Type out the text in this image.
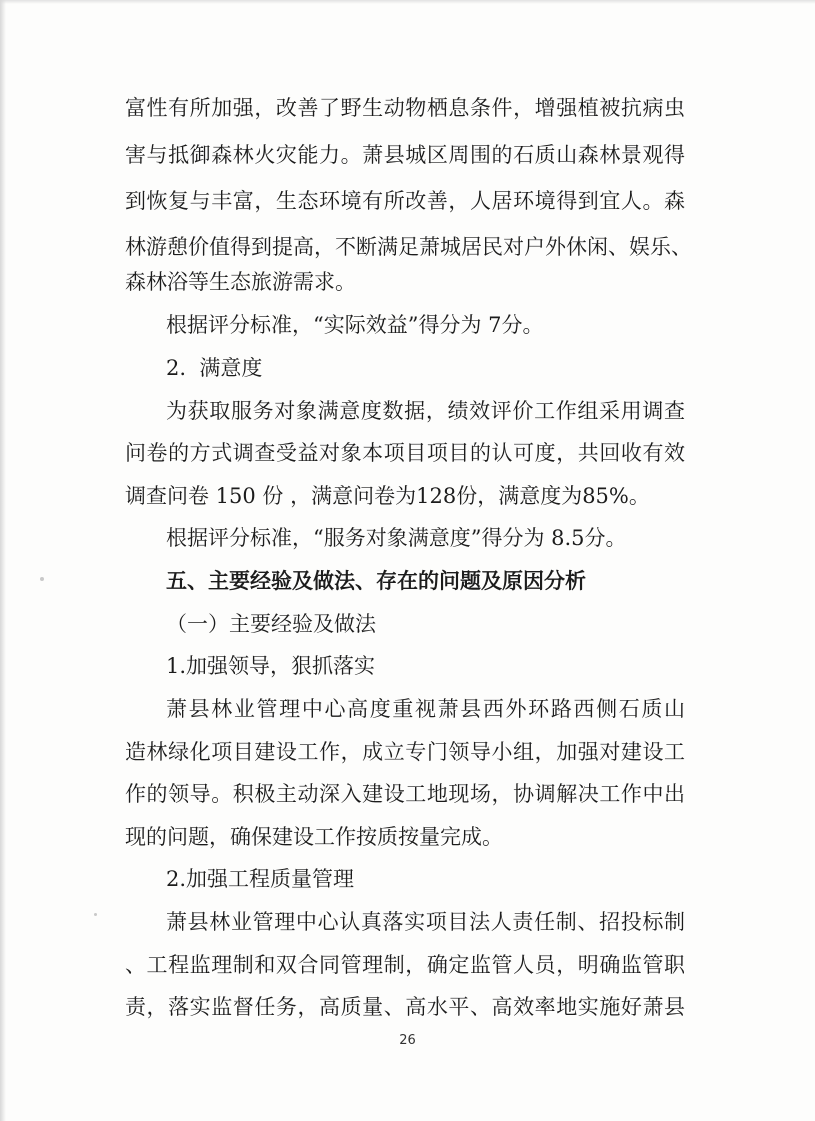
富性有所加强，改善了野生动物栖息条件，增强植被抗病虫
害与抵御森林火灾能力。萧县城区周围的石质山森林景观得
到恢复与丰富，生态环境有所改善，人居环境得到宜人。森
林游憩价值得到提高，不断满足萧城居民对户外休闲、娱乐、
森林浴等生态旅游需求。
根据评分标准，“实际效益”得分为 7分。
2.  满意度
为获取服务对象满意度数据，绩效评价工作组采用调查
问卷的方式调查受益对象本项目项目的认可度，共回收有效
调查问卷 150 份 ，满意问卷为128份，满意度为85%。
根据评分标准，“服务对象满意度”得分为 8.5分。
五、主要经验及做法、存在的问题及原因分析
（一）主要经验及做法
1.加强领导，狠抓落实
萧县林业管理中心高度重视萧县西外环路西侧石质山
造林绿化项目建设工作，成立专门领导小组，加强对建设工
作的领导。积极主动深入建设工地现场，协调解决工作中出
现的问题，确保建设工作按质按量完成。
2.加强工程质量管理
萧县林业管理中心认真落实项目法人责任制、招投标制
、工程监理制和双合同管理制，确定监管人员，明确监管职
责，落实监督任务，高质量、高水平、高效率地实施好萧县
26
